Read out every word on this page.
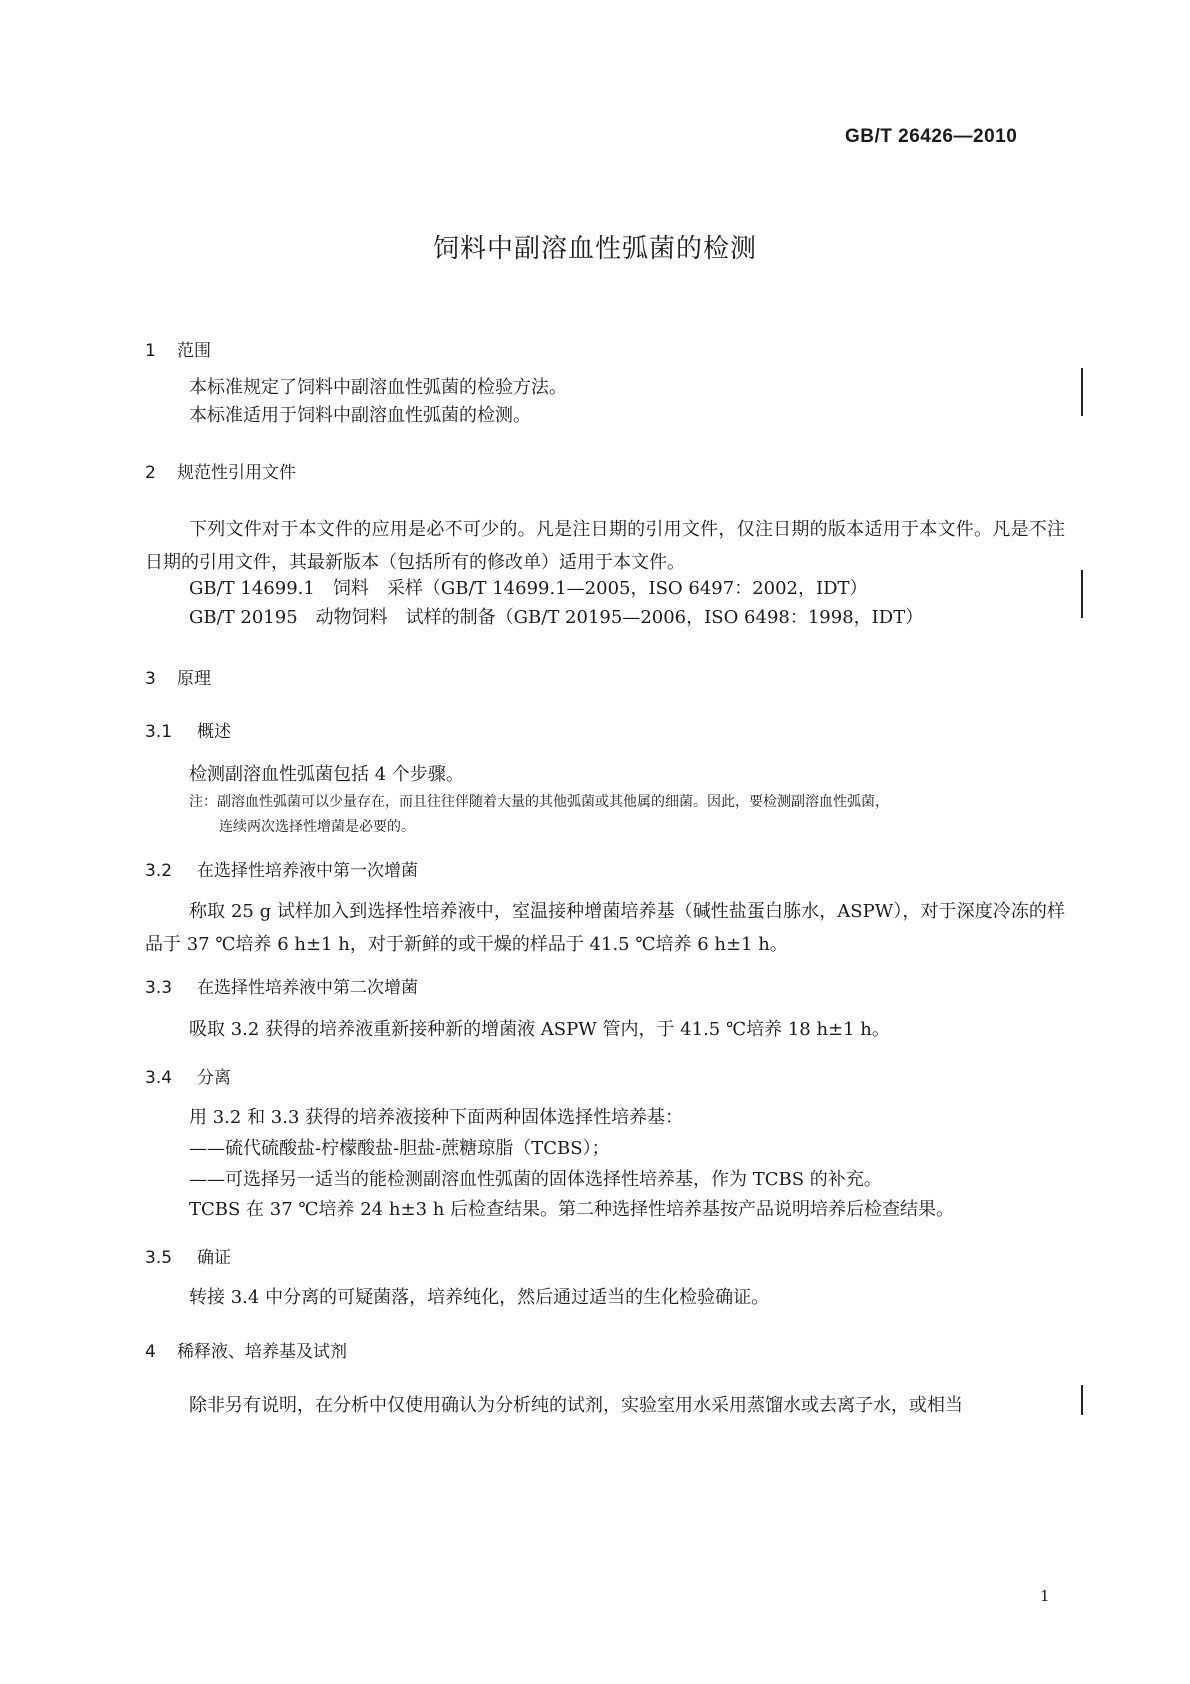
GB/T 26426—2010
饲料中副溶血性弧菌的检测
1 范围
本标准规定了饲料中副溶血性弧菌的检验方法。
本标准适用于饲料中副溶血性弧菌的检测。
2 规范性引用文件
下列文件对于本文件的应用是必不可少的。凡是注日期的引用文件，仅注日期的版本适用于本文件。凡是不注日期的引用文件，其最新版本（包括所有的修改单）适用于本文件。
GB/T 14699.1　饲料　采样（GB/T 14699.1—2005，ISO 6497：2002，IDT）
GB/T 20195　动物饲料　试样的制备（GB/T 20195—2006，ISO 6498：1998，IDT）
3 原理
3.1 概述
检测副溶血性弧菌包括 4 个步骤。
注：副溶血性弧菌可以少量存在，而且往往伴随着大量的其他弧菌或其他属的细菌。因此，要检测副溶血性弧菌，
连续两次选择性增菌是必要的。
3.2 在选择性培养液中第一次增菌
称取 25 g 试样加入到选择性培养液中，室温接种增菌培养基（碱性盐蛋白胨水，ASPW），对于深度冷冻的样品于 37 ℃培养 6 h±1 h，对于新鲜的或干燥的样品于 41.5 ℃培养 6 h±1 h。
3.3 在选择性培养液中第二次增菌
吸取 3.2 获得的培养液重新接种新的增菌液 ASPW 管内，于 41.5 ℃培养 18 h±1 h。
3.4 分离
用 3.2 和 3.3 获得的培养液接种下面两种固体选择性培养基：
——硫代硫酸盐-柠檬酸盐-胆盐-蔗糖琼脂（TCBS）；
——可选择另一适当的能检测副溶血性弧菌的固体选择性培养基，作为 TCBS 的补充。
TCBS 在 37 ℃培养 24 h±3 h 后检查结果。第二种选择性培养基按产品说明培养后检查结果。
3.5 确证
转接 3.4 中分离的可疑菌落，培养纯化，然后通过适当的生化检验确证。
4 稀释液、培养基及试剂
除非另有说明，在分析中仅使用确认为分析纯的试剂，实验室用水采用蒸馏水或去离子水，或相当
1
